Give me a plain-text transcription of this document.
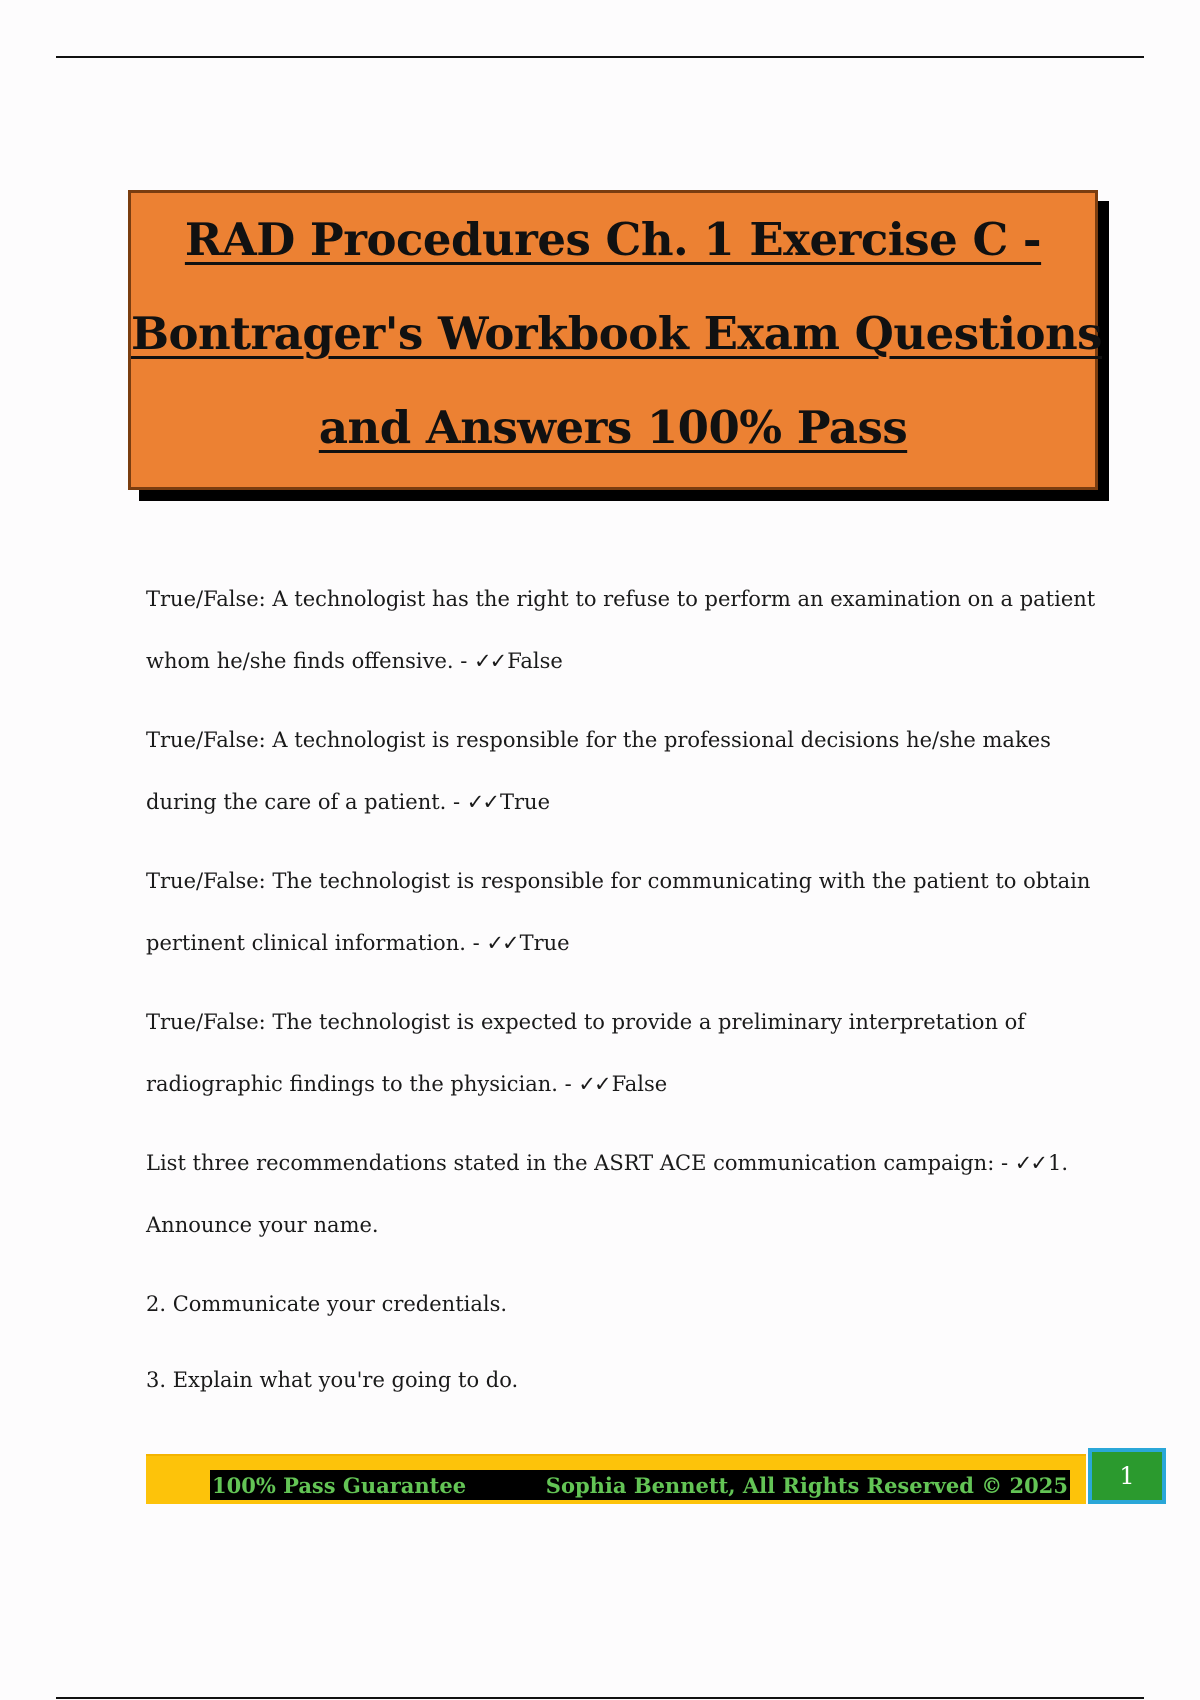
RAD Procedures Ch. 1 Exercise C -
Bontrager's Workbook Exam Questions
and Answers 100% Pass
True/False: A technologist has the right to refuse to perform an examination on a patient whom he/she finds offensive. - ✓✓False
True/False: A technologist is responsible for the professional decisions he/she makes during the care of a patient. - ✓✓True
True/False: The technologist is responsible for communicating with the patient to obtain pertinent clinical information. - ✓✓True
True/False: The technologist is expected to provide a preliminary interpretation of radiographic findings to the physician. - ✓✓False
List three recommendations stated in the ASRT ACE communication campaign: - ✓✓1. Announce your name.
2. Communicate your credentials.
3. Explain what you're going to do.
100% Pass Guarantee	Sophia Bennett, All Rights Reserved © 2025	1
